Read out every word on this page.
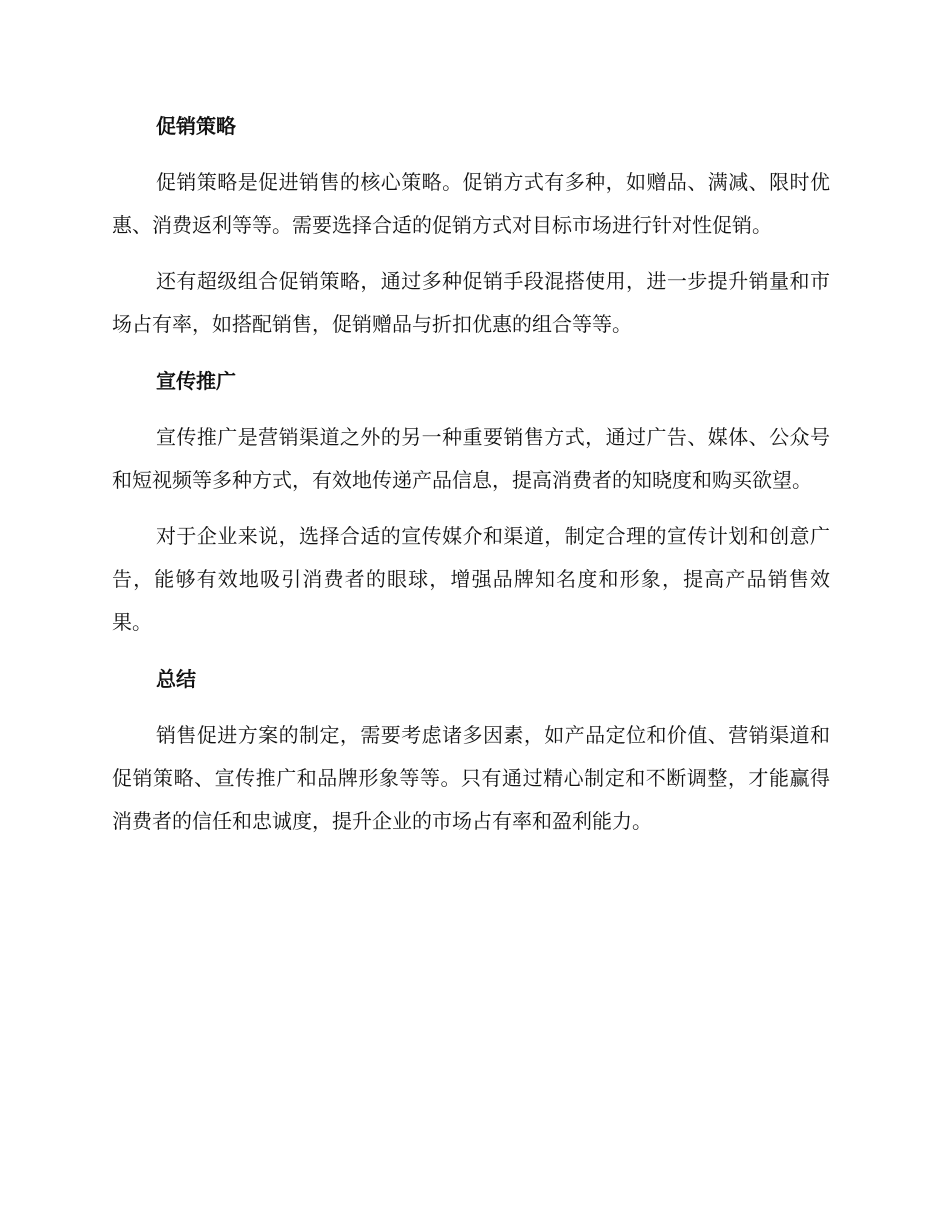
促销策略

促销策略是促进销售的核心策略。促销方式有多种，如赠品、满减、限时优惠、消费返利等等。需要选择合适的促销方式对目标市场进行针对性促销。

还有超级组合促销策略，通过多种促销手段混搭使用，进一步提升销量和市场占有率，如搭配销售，促销赠品与折扣优惠的组合等等。

宣传推广

宣传推广是营销渠道之外的另一种重要销售方式，通过广告、媒体、公众号和短视频等多种方式，有效地传递产品信息，提高消费者的知晓度和购买欲望。

对于企业来说，选择合适的宣传媒介和渠道，制定合理的宣传计划和创意广告，能够有效地吸引消费者的眼球，增强品牌知名度和形象，提高产品销售效果。

总结

销售促进方案的制定，需要考虑诸多因素，如产品定位和价值、营销渠道和促销策略、宣传推广和品牌形象等等。只有通过精心制定和不断调整，才能赢得消费者的信任和忠诚度，提升企业的市场占有率和盈利能力。
